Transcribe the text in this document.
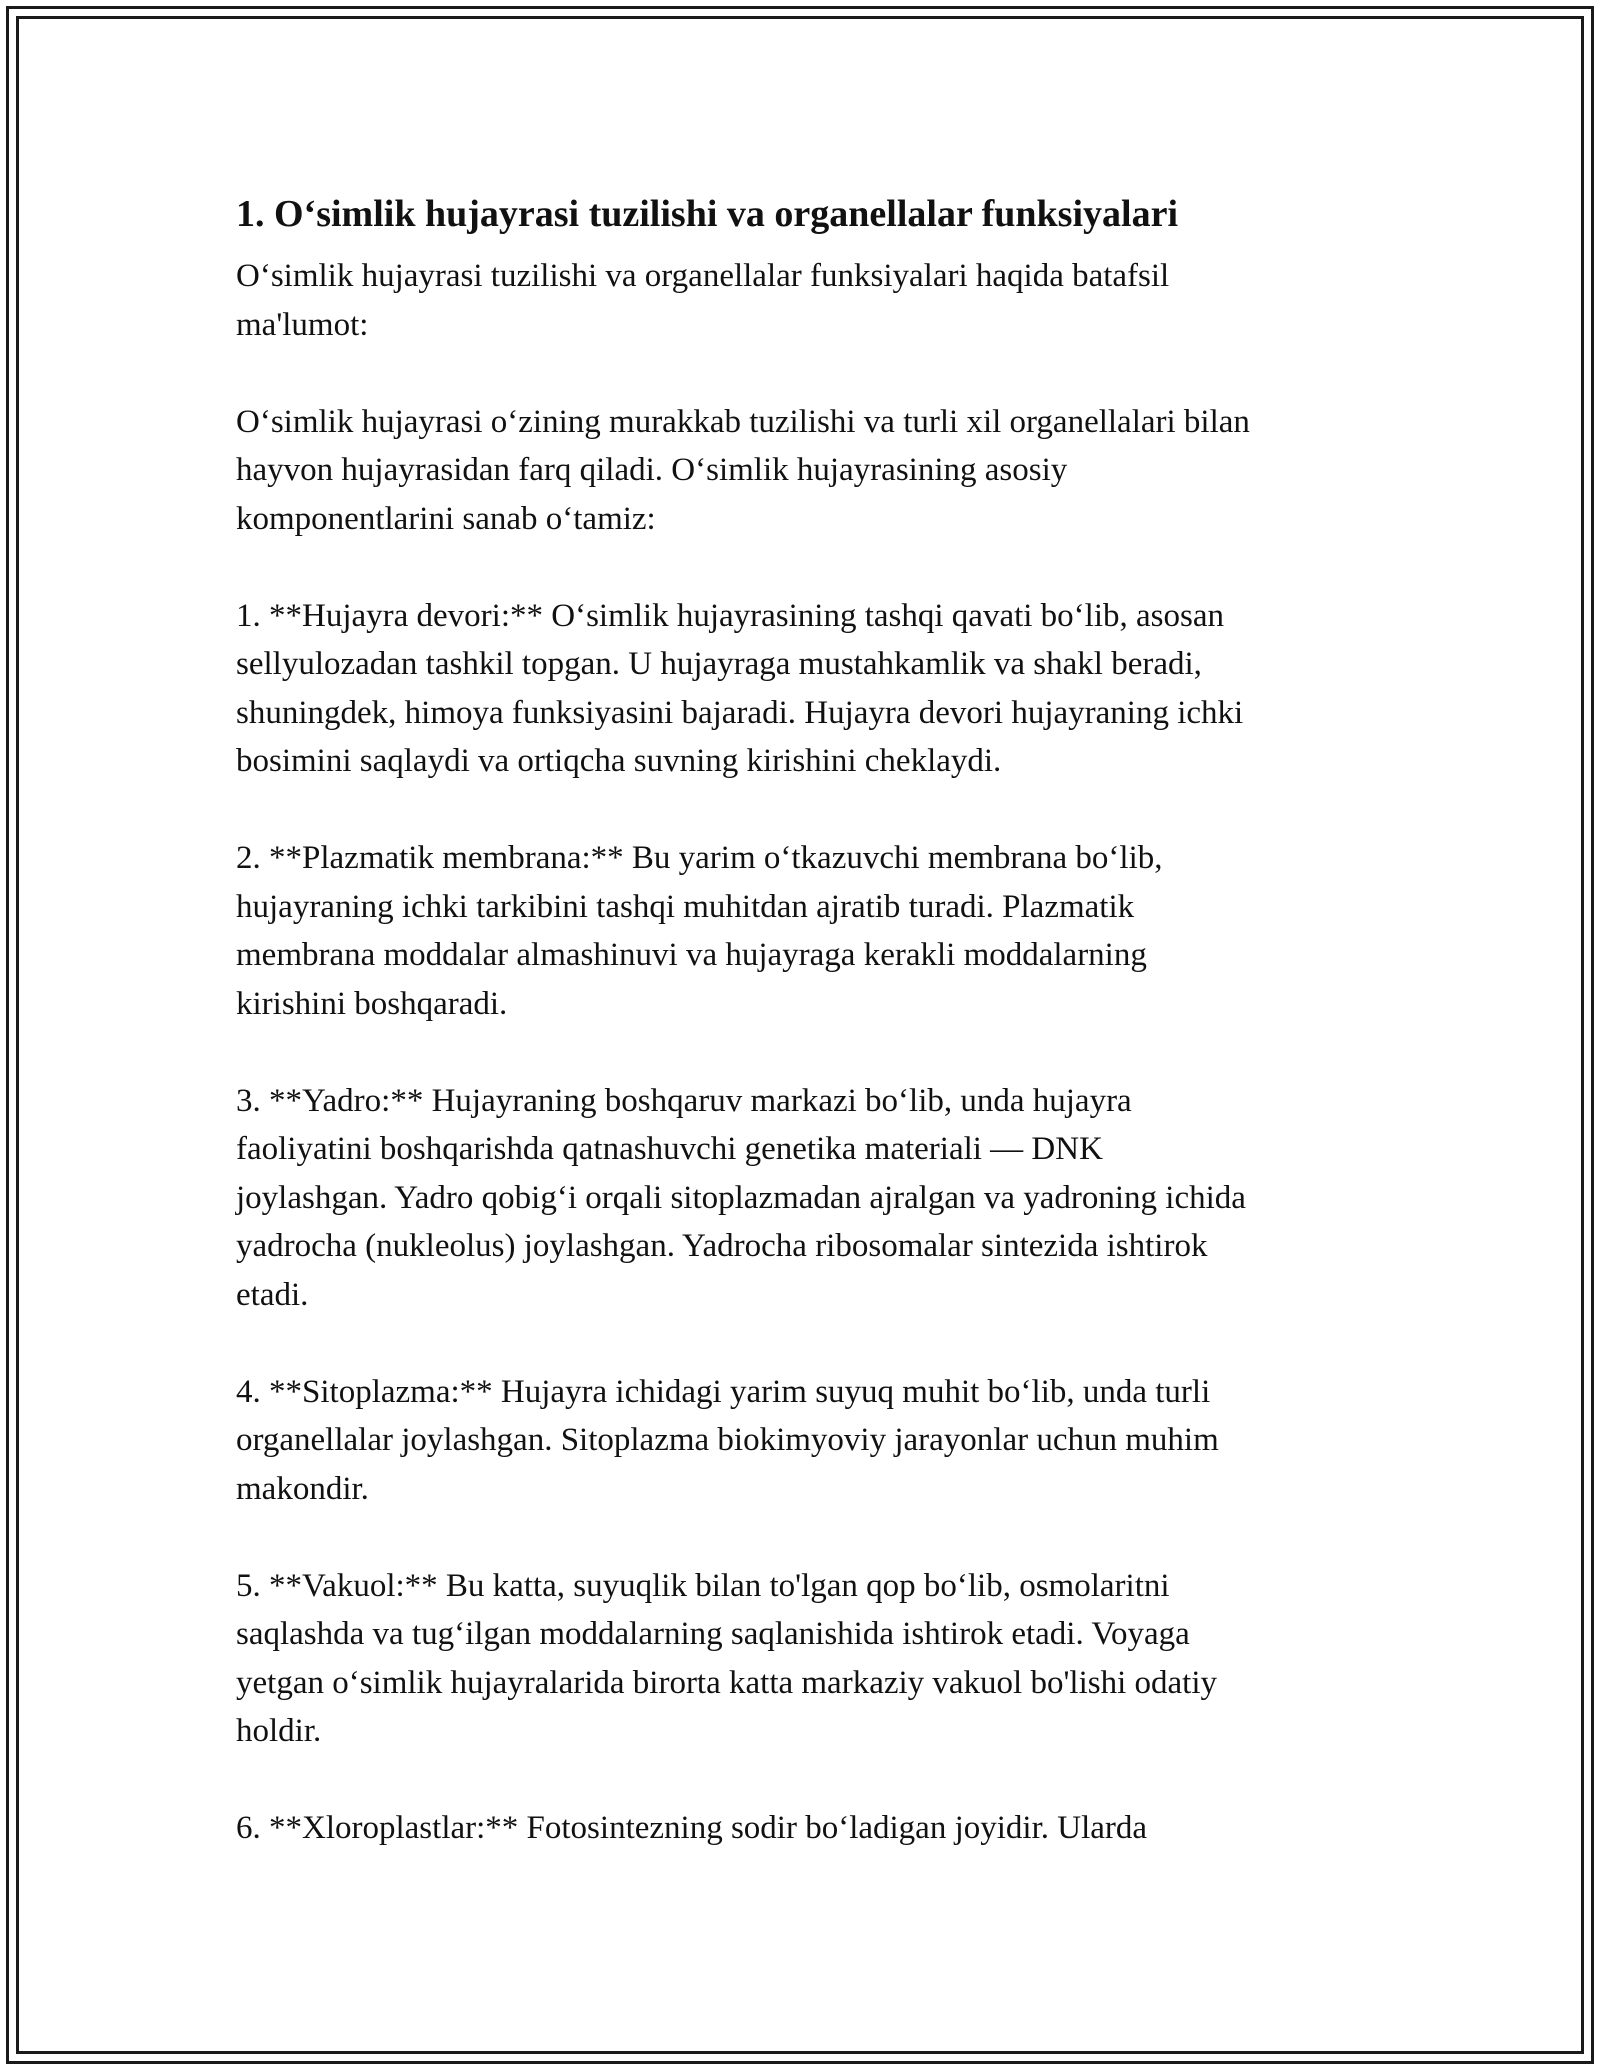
1. O‘simlik hujayrasi tuzilishi va organellalar funksiyalari

O‘simlik hujayrasi tuzilishi va organellalar funksiyalari haqida batafsil
ma'lumot:

O‘simlik hujayrasi o‘zining murakkab tuzilishi va turli xil organellalari bilan
hayvon hujayrasidan farq qiladi. O‘simlik hujayrasining asosiy
komponentlarini sanab o‘tamiz:

1. **Hujayra devori:** O‘simlik hujayrasining tashqi qavati bo‘lib, asosan
sellyulozadan tashkil topgan. U hujayraga mustahkamlik va shakl beradi,
shuningdek, himoya funksiyasini bajaradi. Hujayra devori hujayraning ichki
bosimini saqlaydi va ortiqcha suvning kirishini cheklaydi.

2. **Plazmatik membrana:** Bu yarim o‘tkazuvchi membrana bo‘lib,
hujayraning ichki tarkibini tashqi muhitdan ajratib turadi. Plazmatik
membrana moddalar almashinuvi va hujayraga kerakli moddalarning
kirishini boshqaradi.

3. **Yadro:** Hujayraning boshqaruv markazi bo‘lib, unda hujayra
faoliyatini boshqarishda qatnashuvchi genetika materiali — DNK
joylashgan. Yadro qobig‘i orqali sitoplazmadan ajralgan va yadroning ichida
yadrocha (nukleolus) joylashgan. Yadrocha ribosomalar sintezida ishtirok
etadi.

4. **Sitoplazma:** Hujayra ichidagi yarim suyuq muhit bo‘lib, unda turli
organellalar joylashgan. Sitoplazma biokimyoviy jarayonlar uchun muhim
makondir.

5. **Vakuol:** Bu katta, suyuqlik bilan to'lgan qop bo‘lib, osmolaritni
saqlashda va tug‘ilgan moddalarning saqlanishida ishtirok etadi. Voyaga
yetgan o‘simlik hujayralarida birorta katta markaziy vakuol bo'lishi odatiy
holdir.

6. **Xloroplastlar:** Fotosintezning sodir bo‘ladigan joyidir. Ularda
